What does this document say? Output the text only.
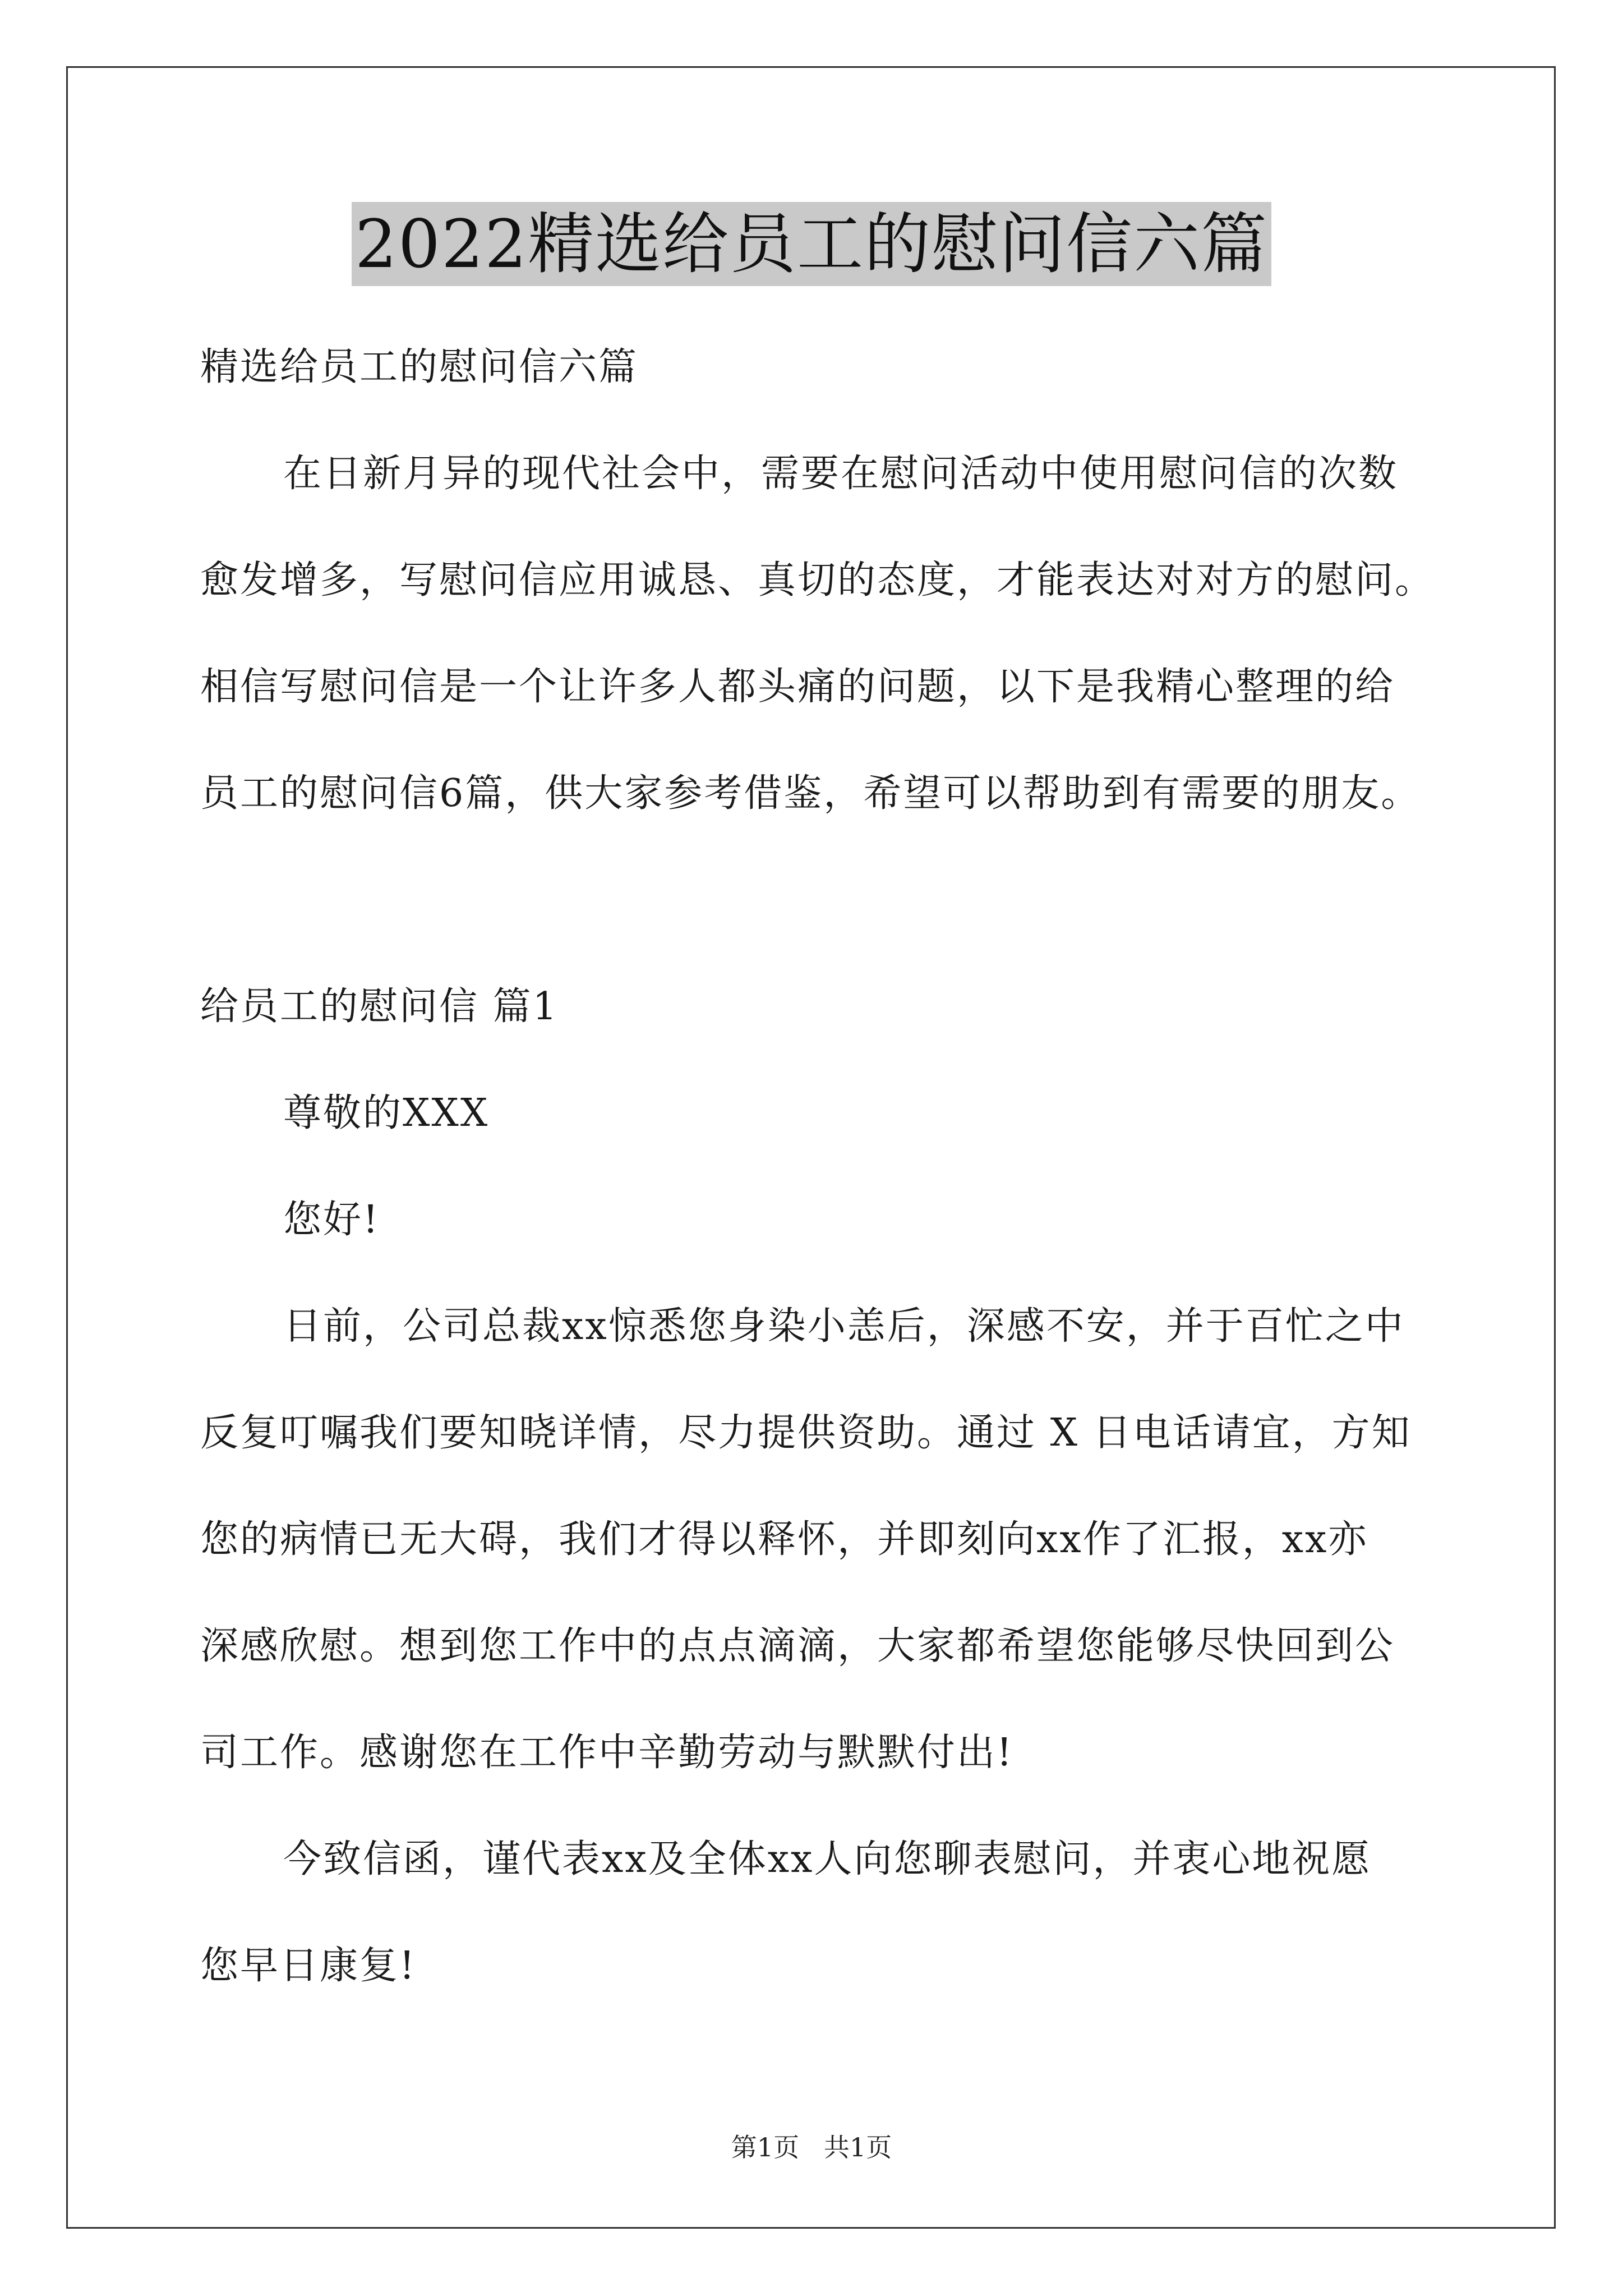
2022精选给员工的慰问信六篇
精选给员工的慰问信六篇
在日新月异的现代社会中，需要在慰问活动中使用慰问信的次数
愈发增多，写慰问信应用诚恳、真切的态度，才能表达对对方的慰问。
相信写慰问信是一个让许多人都头痛的问题，以下是我精心整理的给
员工的慰问信6篇，供大家参考借鉴，希望可以帮助到有需要的朋友。
给员工的慰问信 篇1
尊敬的XXX
您好!
日前，公司总裁xx惊悉您身染小恙后，深感不安，并于百忙之中
反复叮嘱我们要知晓详情，尽力提供资助。通过 X 日电话请宜，方知
您的病情已无大碍，我们才得以释怀，并即刻向xx作了汇报，xx亦
深感欣慰。想到您工作中的点点滴滴，大家都希望您能够尽快回到公
司工作。感谢您在工作中辛勤劳动与默默付出!
今致信函，谨代表xx及全体xx人向您聊表慰问，并衷心地祝愿
您早日康复!
第1页   共1页
